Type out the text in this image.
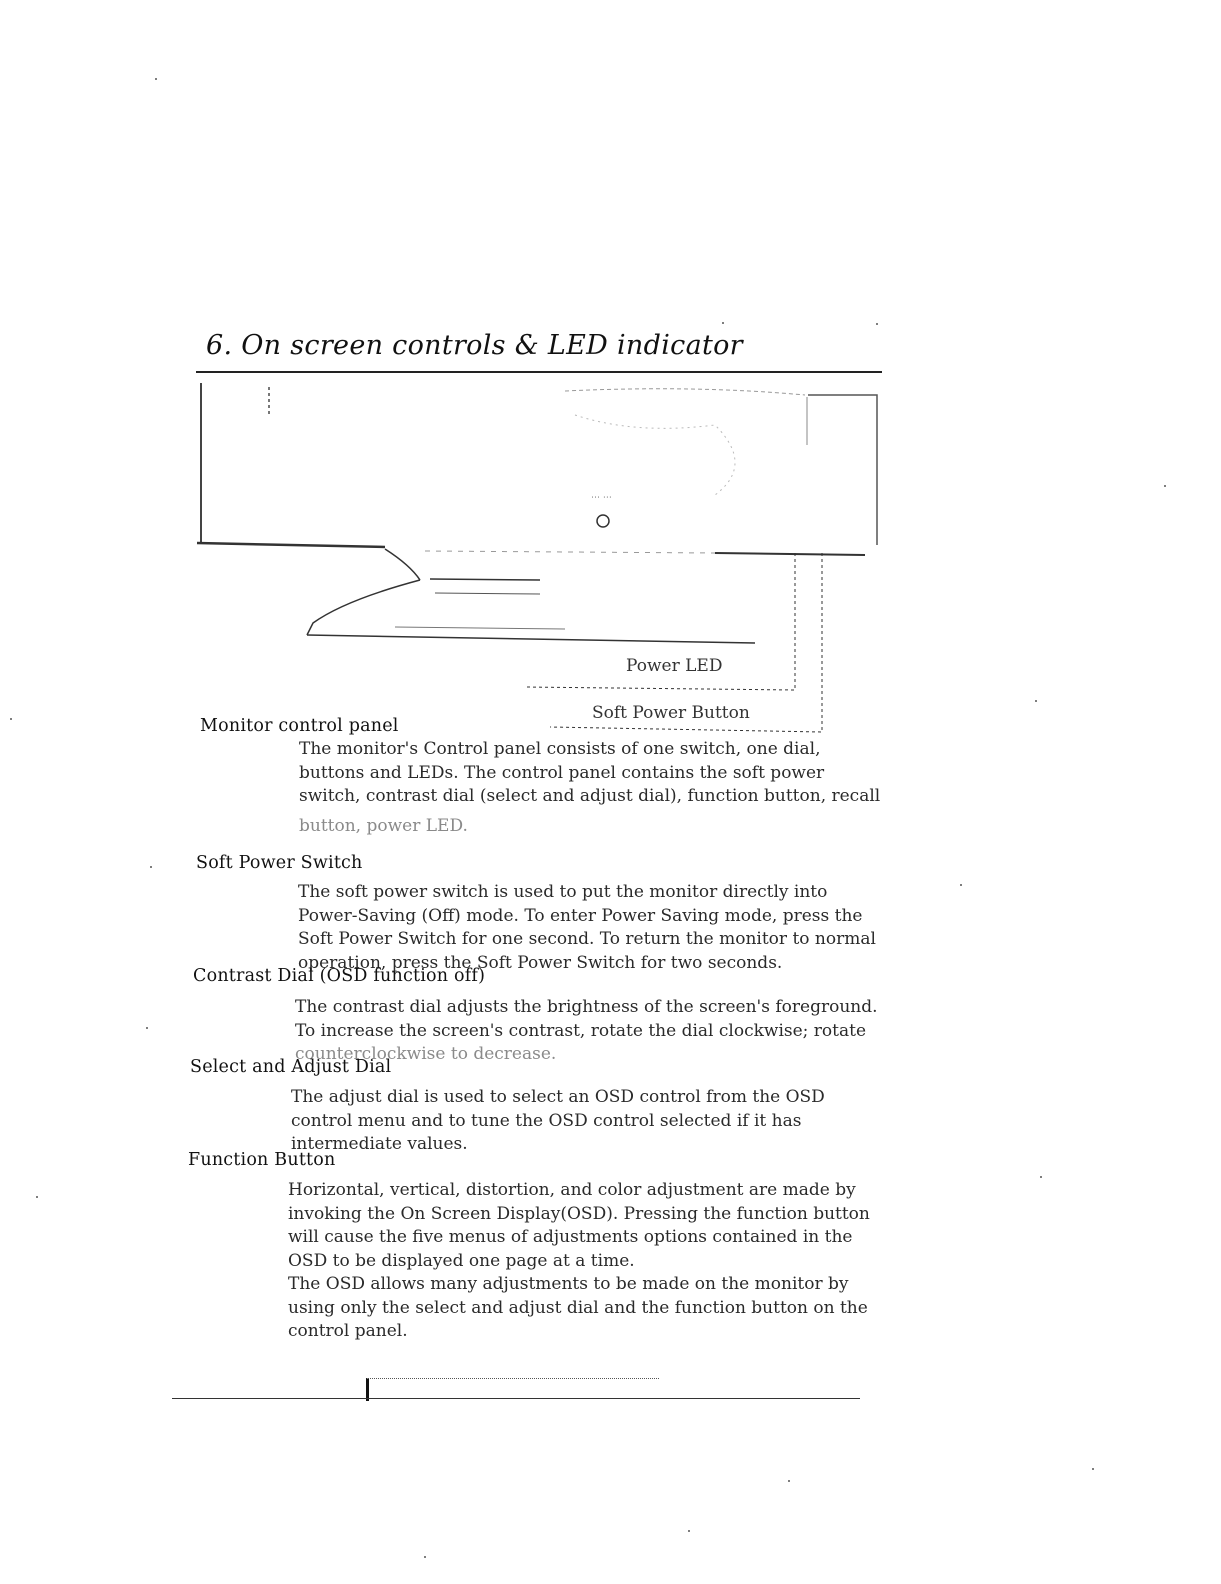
6. On screen controls & LED indicator
⋯ ⋯
Power LED
Soft Power Button
Monitor control panel
The monitor's Control panel consists of one switch, one dial,
buttons and LEDs. The control panel contains the soft power
switch, contrast dial (select and adjust dial), function button, recall
button, power LED.
Soft Power Switch
The soft power switch is used to put the monitor directly into
Power-Saving (Off) mode. To enter Power Saving mode, press the
Soft Power Switch for one second. To return the monitor to normal
operation, press the Soft Power Switch for two seconds.
Contrast Dial (OSD function off)
The contrast dial adjusts the brightness of the screen's foreground.
To increase the screen's contrast, rotate the dial clockwise; rotate
counterclockwise to decrease.
Select and Adjust Dial
The adjust dial is used to select an OSD control from the OSD
control menu and to tune the OSD control selected if it has
intermediate values.
Function Button
Horizontal, vertical, distortion, and color adjustment are made by
invoking the On Screen Display(OSD). Pressing the function button
will cause the five menus of adjustments options contained in the
OSD to be displayed one page at a time.
The OSD allows many adjustments to be made on the monitor by
using only the select and adjust dial and the function button on the
control panel.
